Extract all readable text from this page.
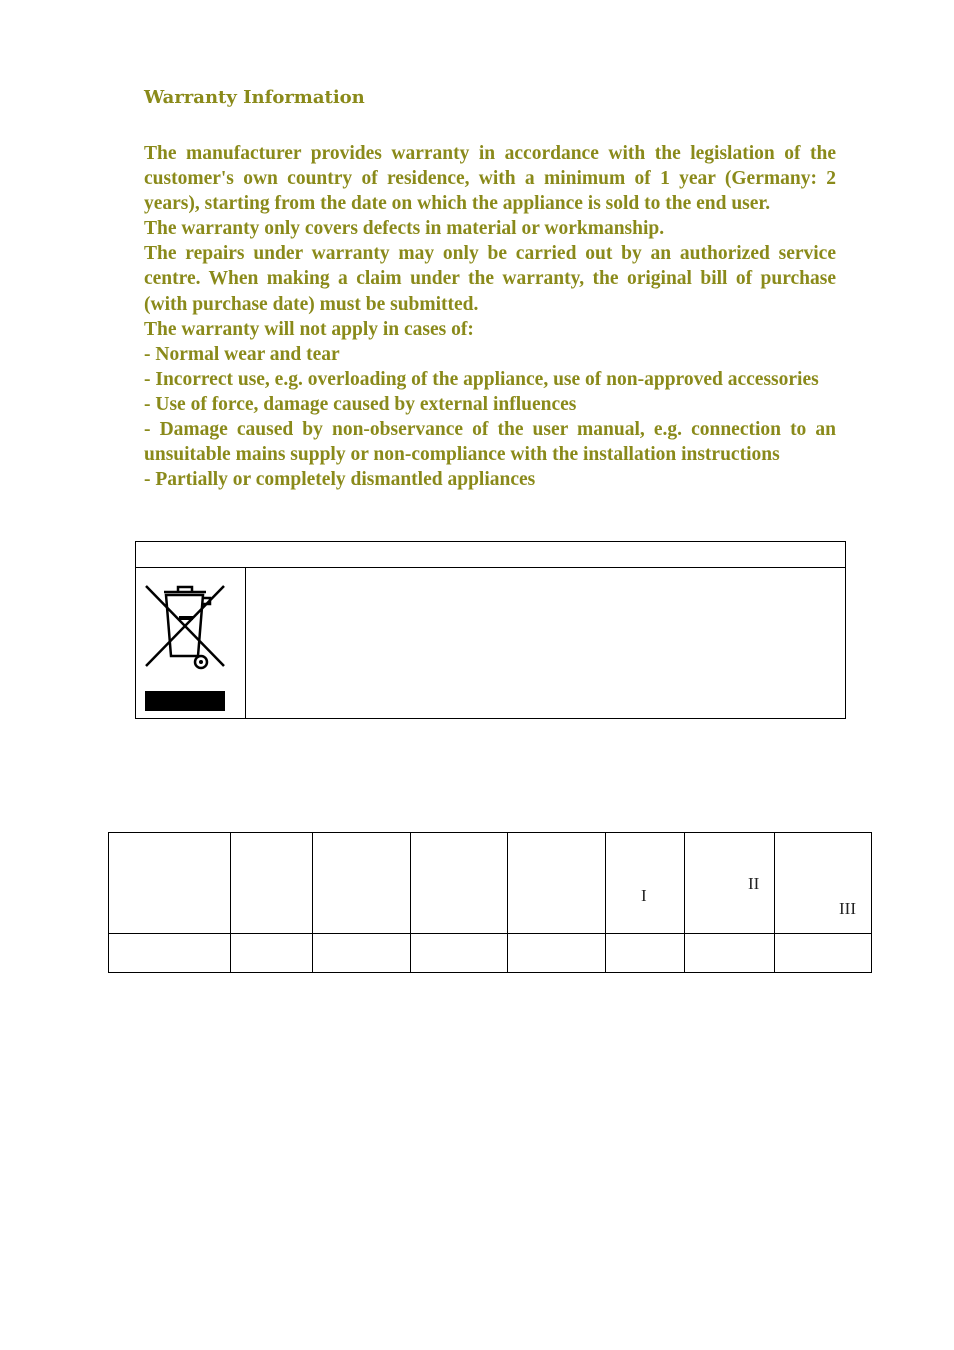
Warranty Information

The manufacturer provides warranty in accordance with the legislation of the customer's own country of residence, with a minimum of 1 year (Germany: 2 years), starting from the date on which the appliance is sold to the end user.

The warranty only covers defects in material or workmanship.

The repairs under warranty may only be carried out by an authorized service centre. When making a claim under the warranty, the original bill of purchase (with purchase date) must be submitted.

The warranty will not apply in cases of:

- Normal wear and tear

- Incorrect use, e.g. overloading of the appliance, use of non-approved accessories

- Use of force, damage caused by external influences

- Damage caused by non-observance of the user manual, e.g. connection to an unsuitable mains supply or non-compliance with the installation instructions

- Partially or completely dismantled appliances

I
II
III
